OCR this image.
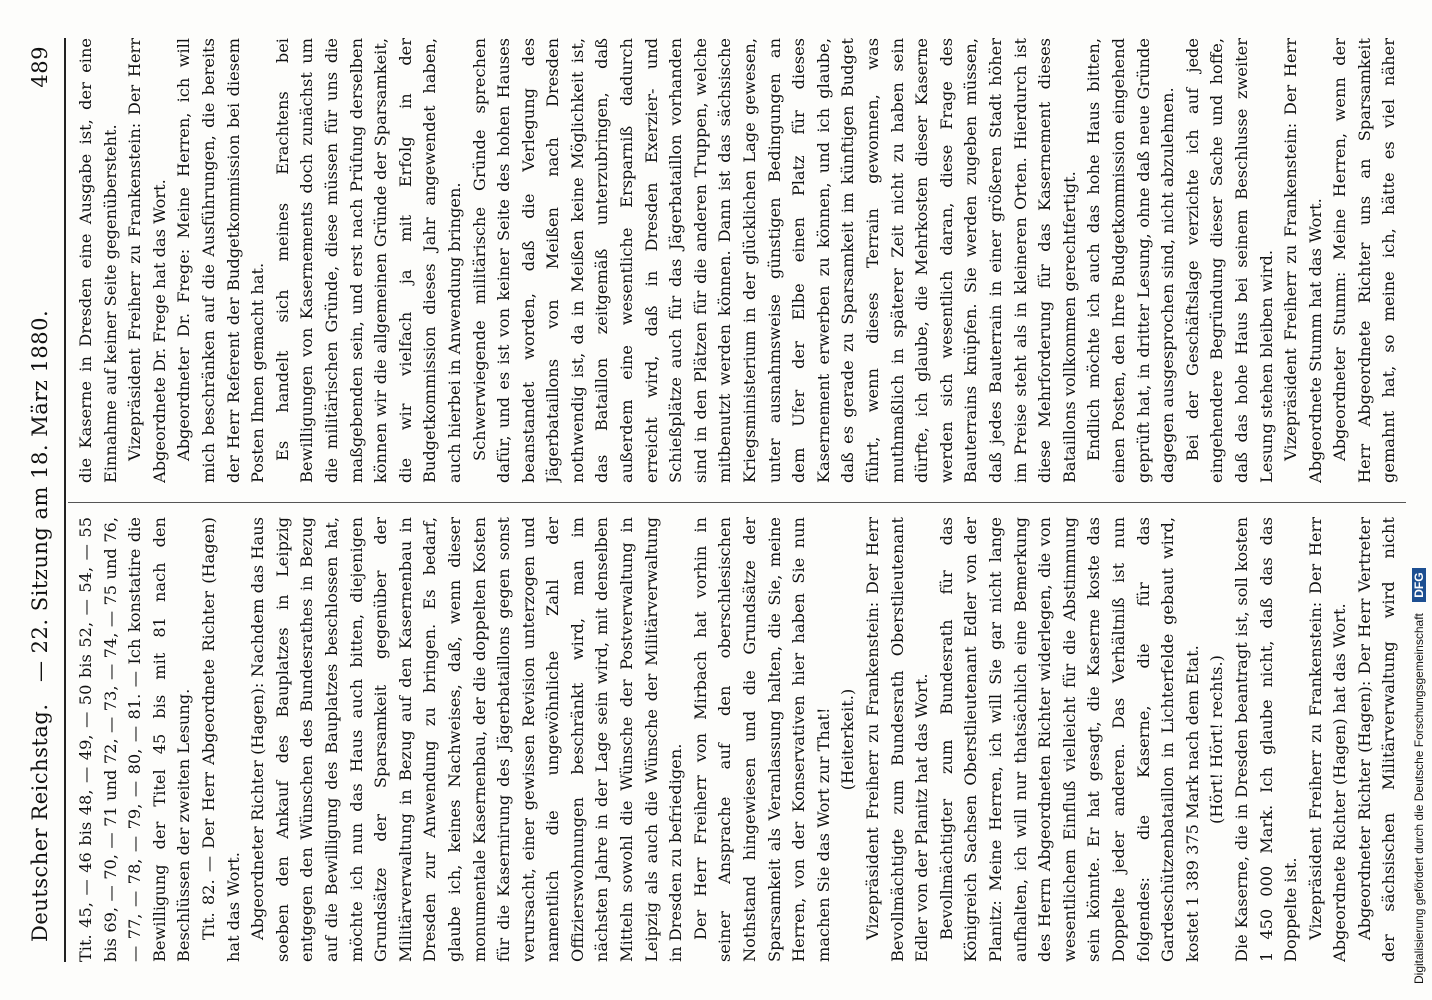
Deutscher Reichstag.
— 22. Sitzung am 18. März 1880.
489

Tit. 45, — 46 bis 48, — 49, — 50 bis 52, — 54, — 55 bis 69, — 70, — 71 und 72, — 73, — 74, — 75 und 76, — 77, — 78, — 79, — 80, — 81. — Ich konstatire die Bewilligung der Titel 45 bis mit 81 nach den Beschlüssen der zweiten Lesung. Tit. 82. — Der Herr Abgeordnete Richter (Hagen) hat das Wort. Abgeordneter Richter (Hagen): Nachdem das Haus soeben den Ankauf des Bauplatzes in Leipzig entgegen den Wünschen des Bundesrathes in Bezug auf die Bewilligung des Bauplatzes beschlossen hat, möchte ich nun das Haus auch bitten, diejenigen Grundsätze der Sparsamkeit gegenüber der Militärverwaltung in Bezug auf den Kasernenbau in Dresden zur Anwendung zu bringen. Es bedarf, glaube ich, keines Nachweises, daß, wenn dieser monumentale Kasernenbau, der die doppelten Kosten für die Kasernirung des Jägerbataillons gegen sonst verursacht, einer gewissen Revision unterzogen und namentlich die ungewöhnliche Zahl der Offizierswohnungen beschränkt wird, man im nächsten Jahre in der Lage sein wird, mit denselben Mitteln sowohl die Wünsche der Postverwaltung in Leipzig als auch die Wünsche der Militärverwaltung in Dresden zu befriedigen. Der Herr Freiherr von Mirbach hat vorhin in seiner Ansprache auf den oberschlesischen Nothstand hingewiesen und die Grundsätze der Sparsamkeit als Veranlassung halten, die Sie, meine Herren, von der Konservativen hier haben Sie nun machen Sie das Wort zur That! (Heiterkeit.) Vizepräsident Freiherr zu Frankenstein: Der Herr Bevollmächtigte zum Bundesrath Oberstlieutenant Edler von der Planitz hat das Wort. Bevollmächtigter zum Bundesrath für das Königreich Sachsen Oberstlieutenant Edler von der Planitz: Meine Herren, ich will Sie gar nicht lange aufhalten, ich will nur thatsächlich eine Bemerkung des Herrn Abgeordneten Richter widerlegen, die von wesentlichem Einfluß vielleicht für die Abstimmung sein könnte. Er hat gesagt, die Kaserne koste das Doppelte jeder anderen. Das Verhältniß ist nun folgendes: die Kaserne, die für das Gardeschützenbataillon in Lichterfelde gebaut wird, kostet 1 389 375 Mark nach dem Etat. (Hört! Hört! rechts.) Die Kaserne, die in Dresden beantragt ist, soll kosten 1 450 000 Mark. Ich glaube nicht, daß das das Doppelte ist. Vizepräsident Freiherr zu Frankenstein: Der Herr Abgeordnete Richter (Hagen) hat das Wort. Abgeordneter Richter (Hagen): Der Herr Vertreter der sächsischen Militärverwaltung wird nicht

die Kaserne in Dresden eine Ausgabe ist, der eine Einnahme auf keiner Seite gegenübersteht. Vizepräsident Freiherr zu Frankenstein: Der Herr Abgeordnete Dr. Frege hat das Wort. Abgeordneter Dr. Frege: Meine Herren, ich will mich beschränken auf die Ausführungen, die bereits der Herr Referent der Budgetkommission bei diesem Posten Ihnen gemacht hat. Es handelt sich meines Erachtens bei Bewilligungen von Kasernements doch zunächst um die militärischen Gründe, diese müssen für uns die maßgebenden sein, und erst nach Prüfung derselben können wir die allgemeinen Gründe der Sparsamkeit, die wir vielfach ja mit Erfolg in der Budgetkommission dieses Jahr angewendet haben, auch hierbei in Anwendung bringen. Schwerwiegende militärische Gründe sprechen dafür, und es ist von keiner Seite des hohen Hauses beanstandet worden, daß die Verlegung des Jägerbataillons von Meißen nach Dresden nothwendig ist, da in Meißen keine Möglichkeit ist, das Bataillon zeitgemäß unterzubringen, daß außerdem eine wesentliche Ersparniß dadurch erreicht wird, daß in Dresden Exerzier- und Schießplätze auch für das Jägerbataillon vorhanden sind in den Plätzen für die anderen Truppen, welche mitbenutzt werden können. Dann ist das sächsische Kriegsministerium in der glücklichen Lage gewesen, unter ausnahmsweise günstigen Bedingungen an dem Ufer der Elbe einen Platz für dieses Kasernement erwerben zu können, und ich glaube, daß es gerade zu Sparsamkeit im künftigen Budget führt, wenn dieses Terrain gewonnen, was muthmaßlich in späterer Zeit nicht zu haben sein dürfte, ich glaube, die Mehrkosten dieser Kaserne werden sich wesentlich daran, diese Frage des Bauterrains knüpfen. Sie werden zugeben müssen, daß jedes Bauterrain in einer größeren Stadt höher im Preise steht als in kleineren Orten. Hierdurch ist diese Mehrforderung für das Kasernement dieses Bataillons vollkommen gerechtfertigt. Endlich möchte ich auch das hohe Haus bitten, einen Posten, den Ihre Budgetkommission eingehend geprüft hat, in dritter Lesung, ohne daß neue Gründe dagegen ausgesprochen sind, nicht abzulehnen. Bei der Geschäftslage verzichte ich auf jede eingehendere Begründung dieser Sache und hoffe, daß das hohe Haus bei seinem Beschlusse zweiter Lesung stehen bleiben wird. Vizepräsident Freiherr zu Frankenstein: Der Herr Abgeordnete Stumm hat das Wort. Abgeordneter Stumm: Meine Herren, wenn der Herr Abgeordnete Richter uns an Sparsamkeit gemahnt hat, so meine ich, hätte es viel näher

Digitalisierung gefördert durch die Deutsche Forschungsgemeinschaft DFG
